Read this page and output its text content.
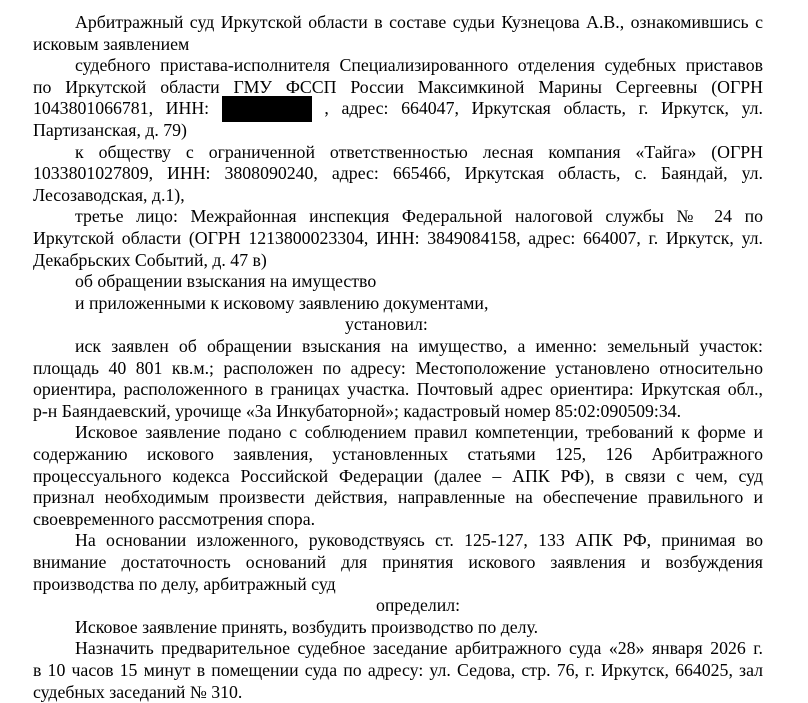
Арбитражный суд Иркутской области в составе судьи Кузнецова А.В., ознакомившись с
исковым заявлением
судебного пристава-исполнителя Специализированного отделения судебных приставов
по Иркутской области ГМУ ФССП России Максимкиной Марины Сергеевны (ОГРН
1043801066781, ИНН:	, адрес: 664047, Иркутская область, г. Иркутск, ул.
Партизанская, д. 79)
к обществу с ограниченной ответственностью лесная компания «Тайга» (ОГРН
1033801027809, ИНН: 3808090240, адрес: 665466, Иркутская область, с. Баяндай, ул.
Лесозаводская, д.1),
третье лицо: Межрайонная инспекция Федеральной налоговой службы № 24 по
Иркутской области (ОГРН 1213800023304, ИНН: 3849084158, адрес: 664007, г. Иркутск, ул.
Декабрьских Событий, д. 47 в)
об обращении взыскания на имущество
и приложенными к исковому заявлению документами,
установил:
иск заявлен об обращении взыскания на имущество, а именно: земельный участок:
площадь 40 801 кв.м.; расположен по адресу: Местоположение установлено относительно
ориентира, расположенного в границах участка. Почтовый адрес ориентира: Иркутская обл.,
р-н Баяндаевский, урочище «За Инкубаторной»; кадастровый номер 85:02:090509:34.
Исковое заявление подано с соблюдением правил компетенции, требований к форме и
содержанию искового заявления, установленных статьями 125, 126 Арбитражного
процессуального кодекса Российской Федерации (далее – АПК РФ), в связи с чем, суд
признал необходимым произвести действия, направленные на обеспечение правильного и
своевременного рассмотрения спора.
На основании изложенного, руководствуясь ст. 125-127, 133 АПК РФ, принимая во
внимание достаточность оснований для принятия искового заявления и возбуждения
производства по делу, арбитражный суд
определил:
Исковое заявление принять, возбудить производство по делу.
Назначить предварительное судебное заседание арбитражного суда «28» января 2026 г.
в 10 часов 15 минут в помещении суда по адресу: ул. Седова, стр. 76, г. Иркутск, 664025, зал
судебных заседаний № 310.
